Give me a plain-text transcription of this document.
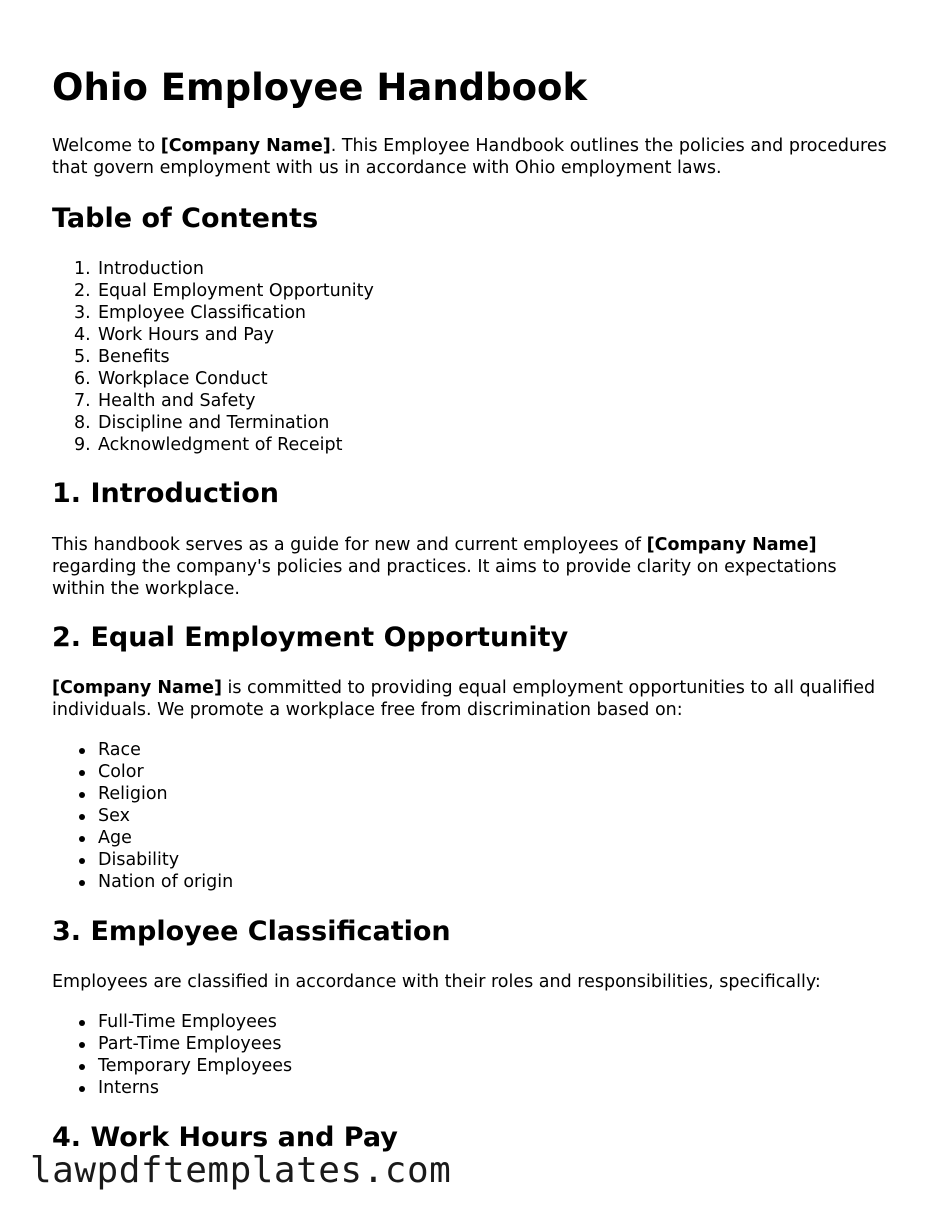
Ohio Employee Handbook

Welcome to [Company Name]. This Employee Handbook outlines the policies and procedures that govern employment with us in accordance with Ohio employment laws.

Table of Contents
1. Introduction
2. Equal Employment Opportunity
3. Employee Classification
4. Work Hours and Pay
5. Benefits
6. Workplace Conduct
7. Health and Safety
8. Discipline and Termination
9. Acknowledgment of Receipt
1. Introduction

This handbook serves as a guide for new and current employees of [Company Name] regarding the company's policies and practices. It aims to provide clarity on expectations within the workplace.

2. Equal Employment Opportunity

[Company Name] is committed to providing equal employment opportunities to all qualified individuals. We promote a workplace free from discrimination based on:

Race
Color
Religion
Sex
Age
Disability
Nation of origin
3. Employee Classification

Employees are classified in accordance with their roles and responsibilities, specifically:

Full-Time Employees
Part-Time Employees
Temporary Employees
Interns
4. Work Hours and Pay
lawpdftemplates.com
